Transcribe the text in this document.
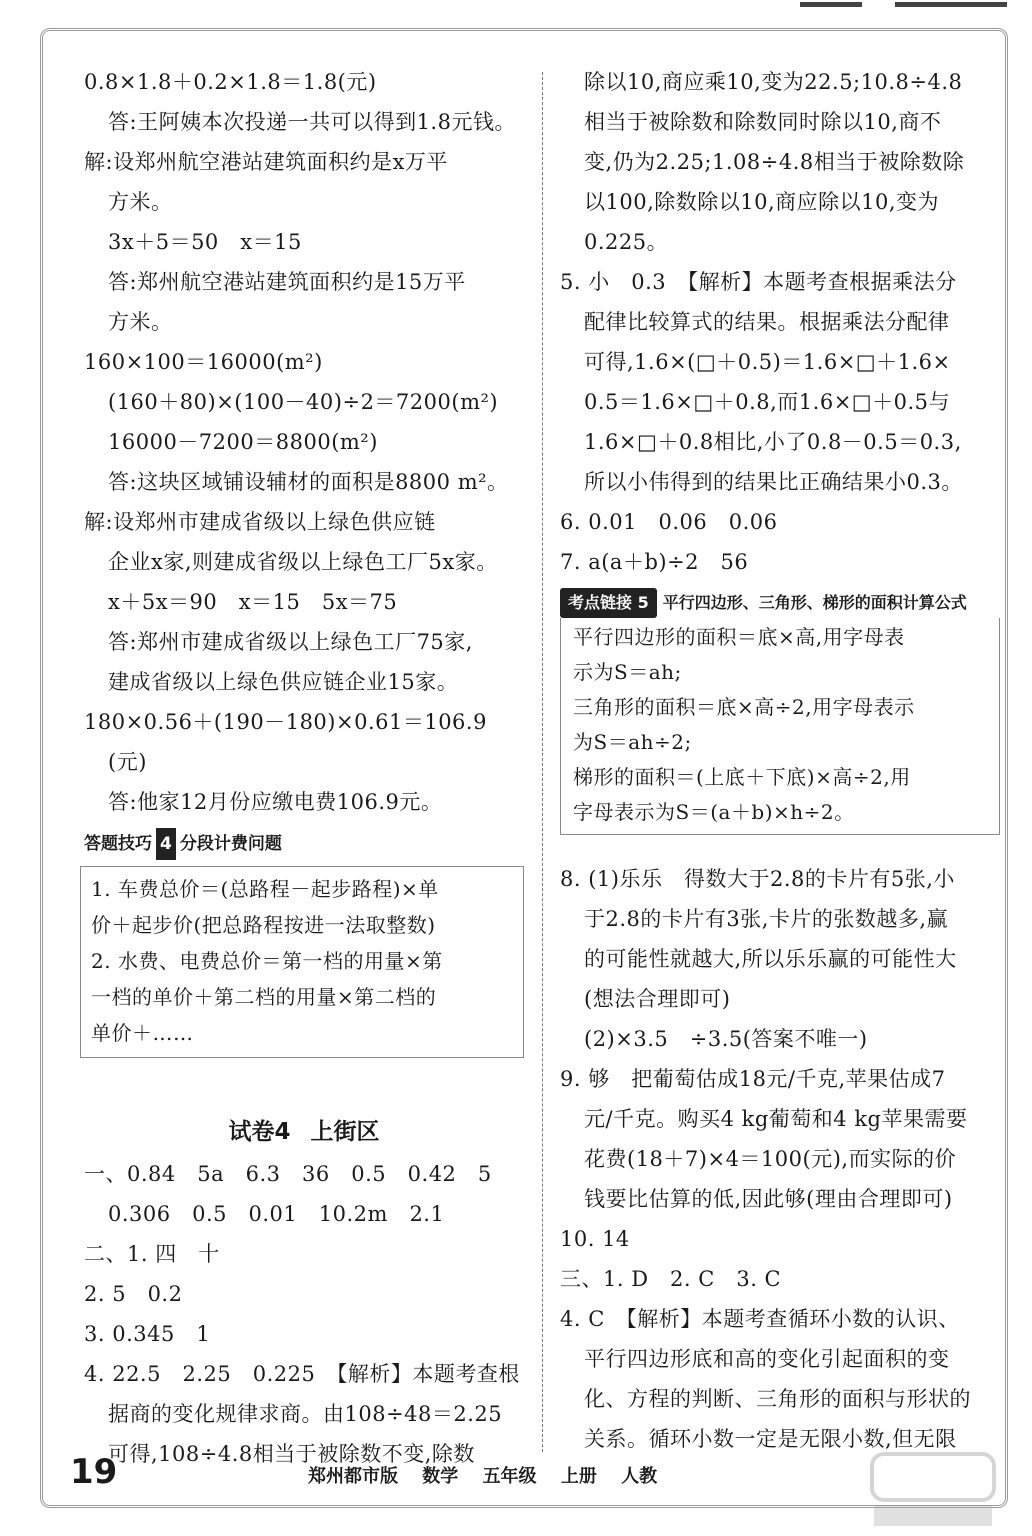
0.8×1.8＋0.2×1.8＝1.8(元)
答:王阿姨本次投递一共可以得到1.8元钱。
解:设郑州航空港站建筑面积约是x万平
方米。
3x＋5＝50　x＝15
答:郑州航空港站建筑面积约是15万平
方米。
160×100＝16000(m²)
(160＋80)×(100－40)÷2＝7200(m²)
16000－7200＝8800(m²)
答:这块区域铺设辅材的面积是8800 m²。
解:设郑州市建成省级以上绿色供应链
企业x家,则建成省级以上绿色工厂5x家。
x＋5x＝90　x＝15　5x＝75
答:郑州市建成省级以上绿色工厂75家,
建成省级以上绿色供应链企业15家。
180×0.56＋(190－180)×0.61＝106.9
(元)
答:他家12月份应缴电费106.9元。
答题技巧 4 分段计费问题
1. 车费总价＝(总路程－起步路程)×单
价＋起步价(把总路程按进一法取整数)
2. 水费、电费总价＝第一档的用量×第
一档的单价＋第二档的用量×第二档的
单价＋……
试卷4 上街区
一、0.84　5a　6.3　36　0.5　0.42　5
0.306　0.5　0.01　10.2m　2.1
二、1. 四　十
2. 5　0.2
3. 0.345　1
4. 22.5　2.25　0.225　【解析】本题考查根
据商的变化规律求商。由108÷48＝2.25
可得,108÷4.8相当于被除数不变,除数
除以10,商应乘10,变为22.5;10.8÷4.8
相当于被除数和除数同时除以10,商不
变,仍为2.25;1.08÷4.8相当于被除数除
以100,除数除以10,商应除以10,变为
0.225。
5. 小　0.3　【解析】本题考查根据乘法分
配律比较算式的结果。根据乘法分配律
可得,1.6×(□＋0.5)＝1.6×□＋1.6×
0.5＝1.6×□＋0.8,而1.6×□＋0.5与
1.6×□＋0.8相比,小了0.8－0.5＝0.3,
所以小伟得到的结果比正确结果小0.3。
6. 0.01　0.06　0.06
7. a(a＋b)÷2　56
考点链接 5 平行四边形、三角形、梯形的面积计算公式
平行四边形的面积＝底×高,用字母表
示为S＝ah;
三角形的面积＝底×高÷2,用字母表示
为S＝ah÷2;
梯形的面积＝(上底＋下底)×高÷2,用
字母表示为S＝(a＋b)×h÷2。
8. (1)乐乐　得数大于2.8的卡片有5张,小
于2.8的卡片有3张,卡片的张数越多,赢
的可能性就越大,所以乐乐赢的可能性大
(想法合理即可)
(2)×3.5　÷3.5(答案不唯一)
9. 够　把葡萄估成18元/千克,苹果估成7
元/千克。购买4 kg葡萄和4 kg苹果需要
花费(18＋7)×4＝100(元),而实际的价
钱要比估算的低,因此够(理由合理即可)
10. 14
三、1. D　2. C　3. C
4. C　【解析】本题考查循环小数的认识、
平行四边形底和高的变化引起面积的变
化、方程的判断、三角形的面积与形状的
关系。循环小数一定是无限小数,但无限
19	郑州都市版 数学 五年级 上册 人教
